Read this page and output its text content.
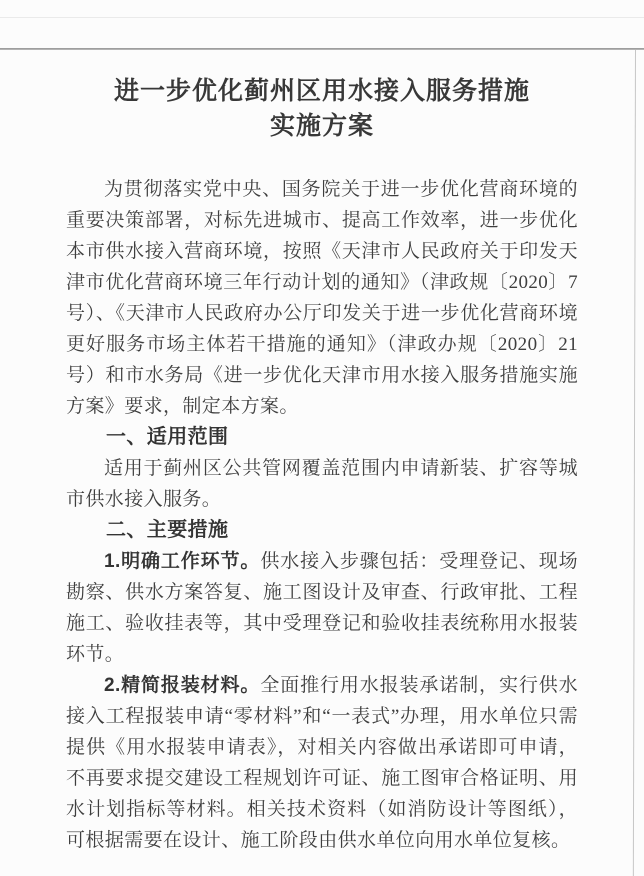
进一步优化蓟州区用水接入服务措施
实施方案

为贯彻落实党中央、国务院关于进一步优化营商环境的重要决策部署，对标先进城市、提高工作效率，进一步优化本市供水接入营商环境，按照《天津市人民政府关于印发天津市优化营商环境三年行动计划的通知》（津政规〔2020〕7号）、《天津市人民政府办公厅印发关于进一步优化营商环境更好服务市场主体若干措施的通知》（津政办规〔2020〕21号）和市水务局《进一步优化天津市用水接入服务措施实施方案》要求，制定本方案。

一、适用范围

适用于蓟州区公共管网覆盖范围内申请新装、扩容等城市供水接入服务。

二、主要措施

1.明确工作环节。供水接入步骤包括：受理登记、现场勘察、供水方案答复、施工图设计及审查、行政审批、工程施工、验收挂表等，其中受理登记和验收挂表统称用水报装环节。

2.精简报装材料。全面推行用水报装承诺制，实行供水接入工程报装申请“零材料”和“一表式”办理，用水单位只需提供《用水报装申请表》，对相关内容做出承诺即可申请，不再要求提交建设工程规划许可证、施工图审合格证明、用水计划指标等材料。相关技术资料（如消防设计等图纸），可根据需要在设计、施工阶段由供水单位向用水单位复核。
